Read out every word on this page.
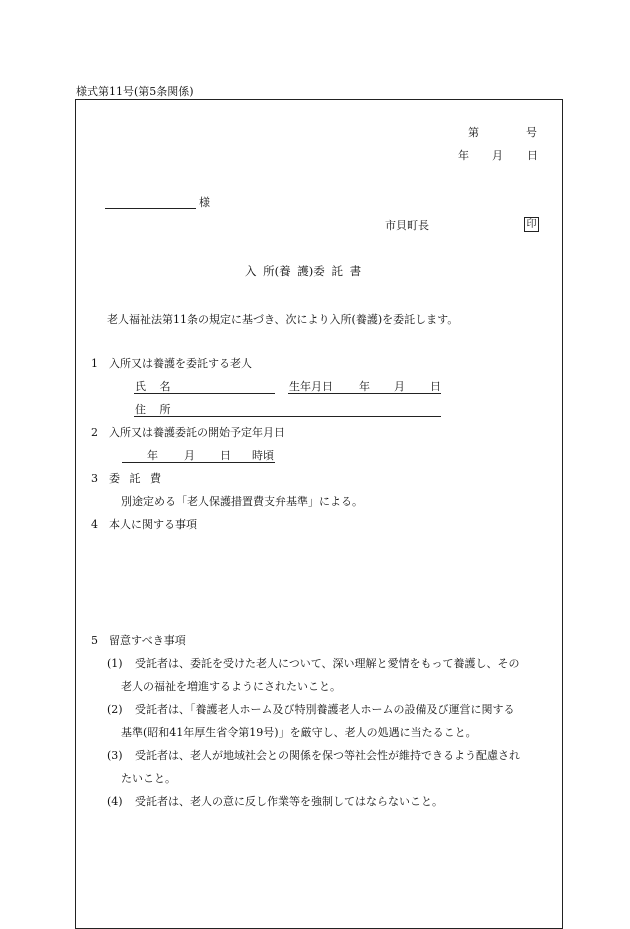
様式第11号(第5条関係)
第	号
年 月 日
様
市貝町長	印
入 所(養 護)委 託 書
老人福祉法第11条の規定に基づき、次により入所(養護)を委託します。
1 入所又は養護を委託する老人
氏 名	生年月日 年 月 日
住 所
2 入所又は養護委託の開始予定年月日
年 月 日 時頃
3 委 託 費
別途定める「老人保護措置費支弁基準」による。
4 本人に関する事項
5 留意すべき事項
(1) 受託者は、委託を受けた老人について、深い理解と愛情をもって養護し、その
老人の福祉を増進するようにされたいこと。
(2) 受託者は、「養護老人ホーム及び特別養護老人ホームの設備及び運営に関する
基準(昭和41年厚生省令第19号)」を厳守し、老人の処遇に当たること。
(3) 受託者は、老人が地域社会との関係を保つ等社会性が維持できるよう配慮され
たいこと。
(4) 受託者は、老人の意に反し作業等を強制してはならないこと。
